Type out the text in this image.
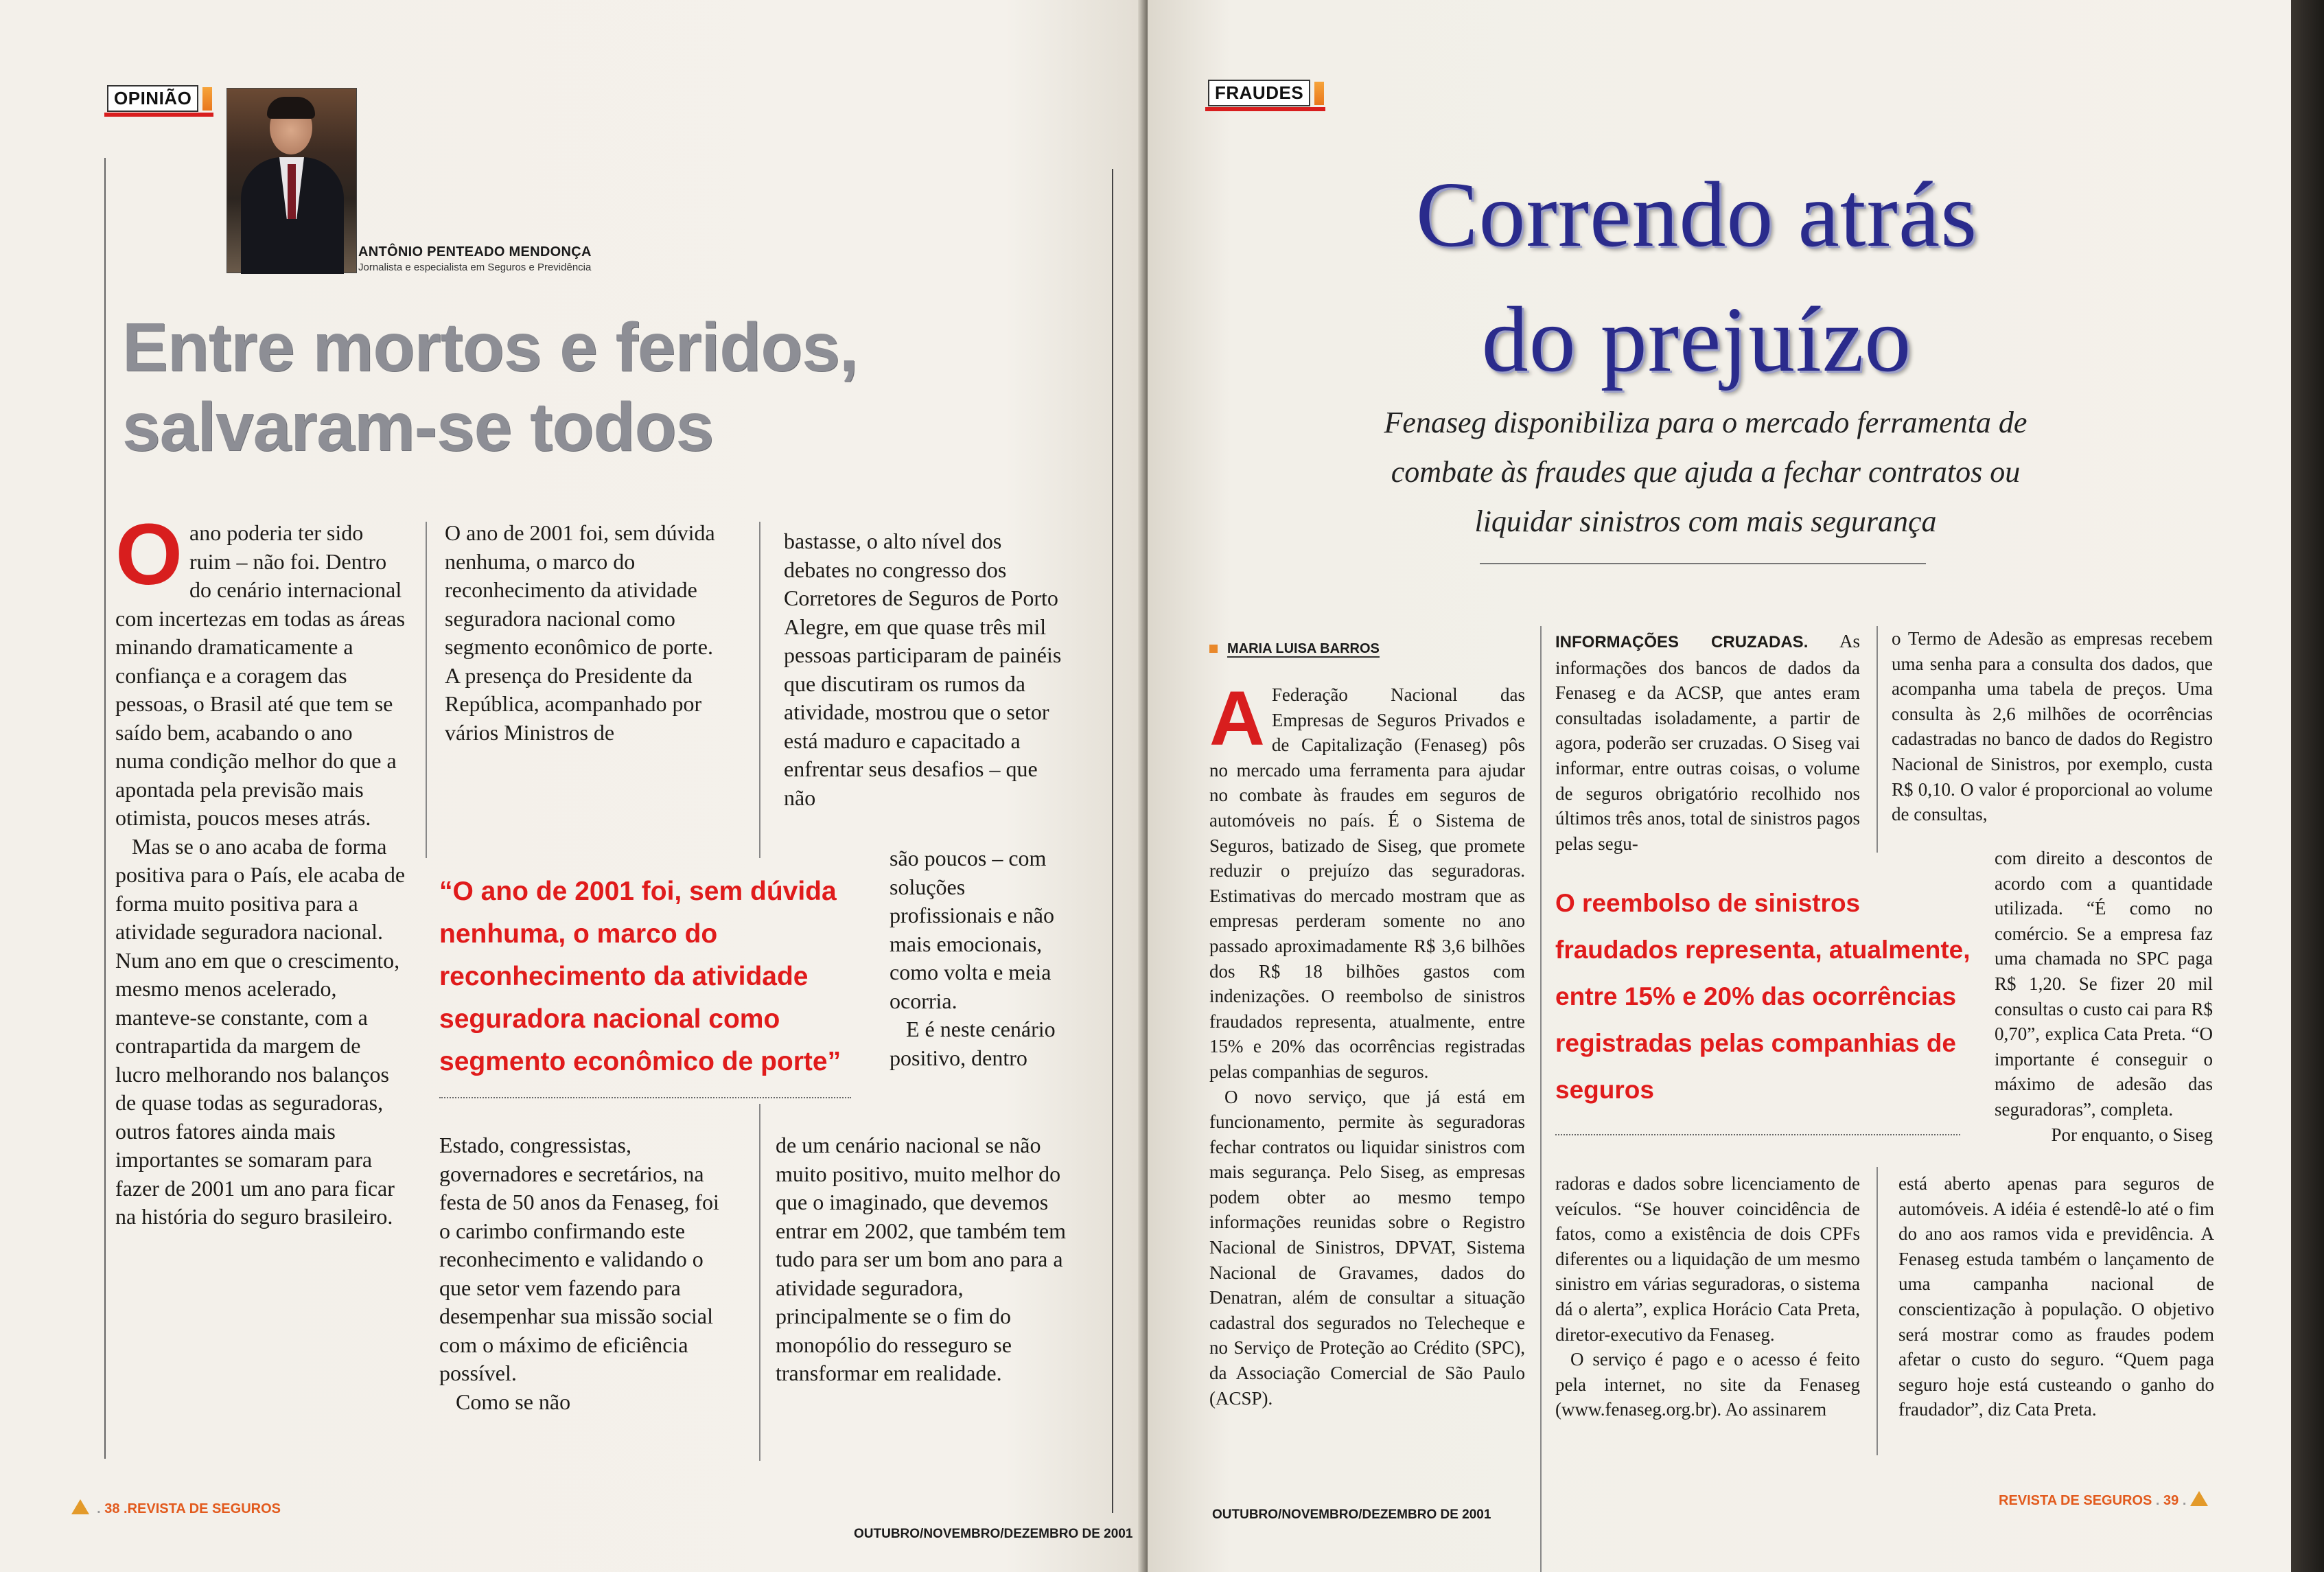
OPINIÃO
ANTÔNIO PENTEADO MENDONÇA
Jornalista e especialista em Seguros e Previdência
Entre mortos e feridos,
salvaram-se todos

Oano poderia ter sido ruim – não foi. Dentro do cenário internacional com incertezas em todas as áreas minando dramaticamente a confiança e a coragem das pessoas, o Brasil até que tem se saído bem, acabando o ano numa condição melhor do que a apontada pela previsão mais otimista, poucos meses atrás.

Mas se o ano acaba de forma positiva para o País, ele acaba de forma muito positiva para a atividade seguradora nacional. Num ano em que o crescimento, mesmo menos acelerado, manteve-se constante, com a contrapartida da margem de lucro melhorando nos balanços de quase todas as seguradoras, outros fatores ainda mais importantes se somaram para fazer de 2001 um ano para ficar na história do seguro brasileiro.

O ano de 2001 foi, sem dúvida nenhuma, o marco do reconhecimento da atividade seguradora nacional como segmento econômico de porte. A presença do Presidente da República, acompanhado por vários Ministros de

bastasse, o alto nível dos debates no congresso dos Corretores de Seguros de Porto Alegre, em que quase três mil pessoas participaram de painéis que discutiram os rumos da atividade, mostrou que o setor está maduro e capacitado a enfrentar seus desafios – que não

“O ano de 2001 foi, sem dúvida nenhuma, o marco do reconhecimento da atividade seguradora nacional como segmento econômico de porte”

são poucos – com soluções profissionais e não mais emocionais, como volta e meia ocorria.

E é neste cenário positivo, dentro

Estado, congressistas, governadores e secretários, na festa de 50 anos da Fenaseg, foi o carimbo confirmando este reconhecimento e validando o que setor vem fazendo para desempenhar sua missão social com o máximo de eficiência possível.

Como se não

de um cenário nacional se não muito positivo, muito melhor do que o imaginado, que devemos entrar em 2002, que também tem tudo para ser um bom ano para a atividade seguradora, principalmente se o fim do monopólio do resseguro se transformar em realidade.

. 38 .REVISTA DE SEGUROS
OUTUBRO/NOVEMBRO/DEZEMBRO DE 2001
FRAUDES
Correndo atrás
do prejuízo
Fenaseg disponibiliza para o mercado ferramenta de combate às fraudes que ajuda a fechar contratos ou liquidar sinistros com mais segurança
MARIA LUISA BARROS

A Federação Nacional das Empresas de Seguros Privados e de Capitalização (Fenaseg) pôs no mercado uma ferramenta para ajudar no combate às fraudes em seguros de automóveis no país. É o Sistema de Seguros, batizado de Siseg, que promete reduzir o prejuízo das seguradoras. Estimativas do mercado mostram que as empresas perderam somente no ano passado aproximadamente R$ 3,6 bilhões dos R$ 18 bilhões gastos com indenizações. O reembolso de sinistros fraudados representa, atualmente, entre 15% e 20% das ocorrências registradas pelas companhias de seguros.

O novo serviço, que já está em funcionamento, permite às seguradoras fechar contratos ou liquidar sinistros com mais segurança. Pelo Siseg, as empresas podem obter ao mesmo tempo informações reunidas sobre o Registro Nacional de Sinistros, DPVAT, Sistema Nacional de Gravames, dados do Denatran, além de consultar a situação cadastral dos segurados no Telecheque e no Serviço de Proteção ao Crédito (SPC), da Associação Comercial de São Paulo (ACSP).

INFORMAÇÕES CRUZADAS. As informações dos bancos de dados da Fenaseg e da ACSP, que antes eram consultadas isoladamente, a partir de agora, poderão ser cruzadas. O Siseg vai informar, entre outras coisas, o volume de seguros obrigatório recolhido nos últimos três anos, total de sinistros pagos pelas segu-

o Termo de Adesão as empresas recebem uma senha para a consulta dos dados, que acompanha uma tabela de preços. Uma consulta às 2,6 milhões de ocorrências cadastradas no banco de dados do Registro Nacional de Sinistros, por exemplo, custa R$ 0,10. O valor é proporcional ao volume de consultas,

O reembolso de sinistros fraudados representa, atualmente, entre 15% e 20% das ocorrências registradas pelas companhias de seguros

com direito a descontos de acordo com a quantidade utilizada. “É como no comércio. Se a empresa faz uma chamada no SPC paga R$ 1,20. Se fizer 20 mil consultas o custo cai para R$ 0,70”, explica Cata Preta. “O importante é conseguir o máximo de adesão das seguradoras”, completa.

Por enquanto, o Siseg

radoras e dados sobre licenciamento de veículos. “Se houver coincidência de fatos, como a existência de dois CPFs diferentes ou a liquidação de um mesmo sinistro em várias seguradoras, o sistema dá o alerta”, explica Horácio Cata Preta, diretor-executivo da Fenaseg.

O serviço é pago e o acesso é feito pela internet, no site da Fenaseg (www.fenaseg.org.br). Ao assinarem

está aberto apenas para seguros de automóveis. A idéia é estendê-lo até o fim do ano aos ramos vida e previdência. A Fenaseg estuda também o lançamento de uma campanha nacional de conscientização à população. O objetivo será mostrar como as fraudes podem afetar o custo do seguro. “Quem paga seguro hoje está custeando o ganho do fraudador”, diz Cata Preta.

OUTUBRO/NOVEMBRO/DEZEMBRO DE 2001
REVISTA DE SEGUROS . 39 .
